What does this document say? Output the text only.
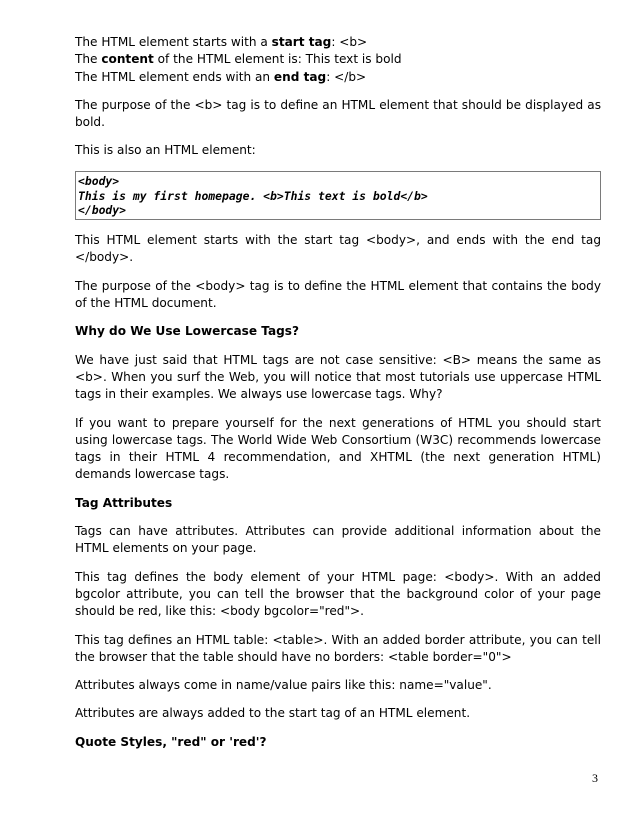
The HTML element starts with a start tag: <b>

The content of the HTML element is: This text is bold

The HTML element ends with an end tag: </b>

The purpose of the <b> tag is to define an HTML element that should be displayed as bold.

This is also an HTML element:

<body>

This is my first homepage. <b>This text is bold</b>

</body>

This HTML element starts with the start tag <body>, and ends with the end tag </body>.

The purpose of the <body> tag is to define the HTML element that contains the body of the HTML document.

Why do We Use Lowercase Tags?

We have just said that HTML tags are not case sensitive: <B> means the same as <b>. When you surf the Web, you will notice that most tutorials use uppercase HTML tags in their examples. We always use lowercase tags. Why?

If you want to prepare yourself for the next generations of HTML you should start using lowercase tags. The World Wide Web Consortium (W3C) recommends lowercase tags in their HTML 4 recommendation, and XHTML (the next generation HTML) demands lowercase tags.

Tag Attributes

Tags can have attributes. Attributes can provide additional information about the HTML elements on your page.

This tag defines the body element of your HTML page: <body>. With an added bgcolor attribute, you can tell the browser that the background color of your page should be red, like this: <body bgcolor="red">.

This tag defines an HTML table: <table>. With an added border attribute, you can tell the browser that the table should have no borders: <table border="0">

Attributes always come in name/value pairs like this: name="value".

Attributes are always added to the start tag of an HTML element.

Quote Styles, "red" or 'red'?

3
